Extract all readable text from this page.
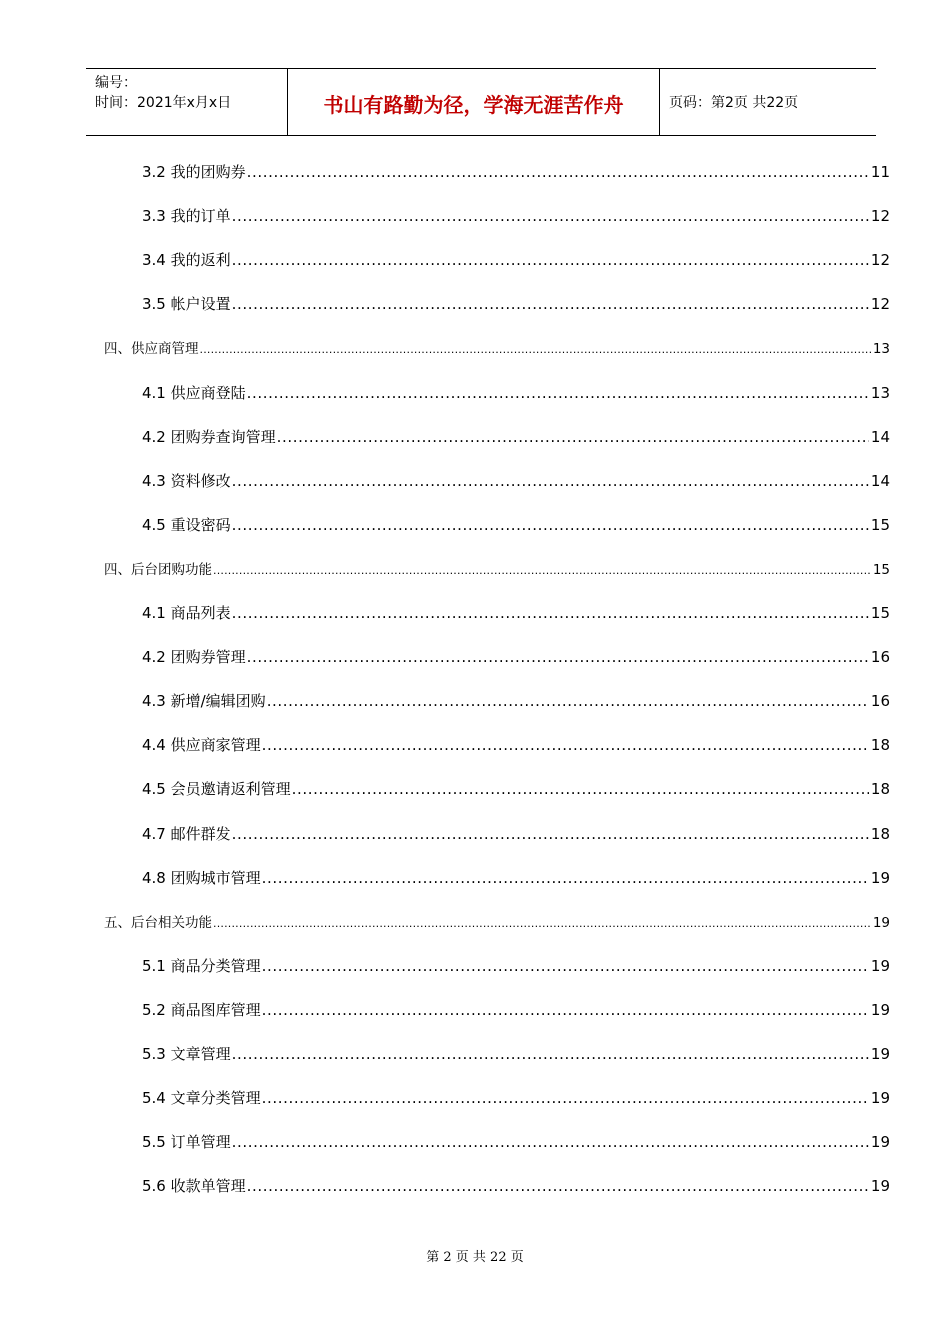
编号：
时间：2021年x月x日	书山有路勤为径，学海无涯苦作舟	页码：第2页 共22页
3.2 我的团购券 .....	11
3.3 我的订单 .....	12
3.4 我的返利 .....	12
3.5 帐户设置 .....	12
四、供应商管理 .....	13
4.1 供应商登陆 .....	13
4.2 团购券查询管理 .....	14
4.3 资料修改 .....	14
4.5 重设密码 .....	15
四、后台团购功能 .....	15
4.1 商品列表 .....	15
4.2 团购券管理 .....	16
4.3 新增/编辑团购 .....	16
4.4 供应商家管理 .....	18
4.5 会员邀请返利管理 .....	18
4.7 邮件群发 .....	18
4.8 团购城市管理 .....	19
五、后台相关功能 .....	19
5.1 商品分类管理 .....	19
5.2 商品图库管理 .....	19
5.3 文章管理 .....	19
5.4 文章分类管理 .....	19
5.5 订单管理 .....	19
5.6 收款单管理 .....	19
第 2 页 共 22 页
